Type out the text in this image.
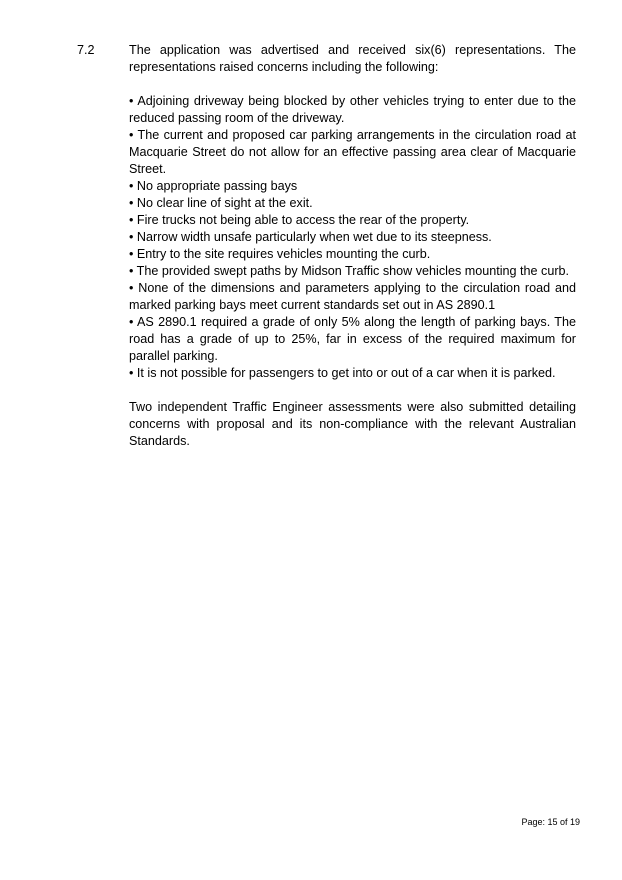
7.2	The application was advertised and received six(6) representations. The representations raised concerns including the following:

• Adjoining driveway being blocked by other vehicles trying to enter due to the reduced passing room of the driveway.
• The current and proposed car parking arrangements in the circulation road at Macquarie Street do not allow for an effective passing area clear of Macquarie Street.
• No appropriate passing bays
• No clear line of sight at the exit.
• Fire trucks not being able to access the rear of the property.
• Narrow width unsafe particularly when wet due to its steepness.
• Entry to the site requires vehicles mounting the curb.
• The provided swept paths by Midson Traffic show vehicles mounting the curb.
• None of the dimensions and parameters applying to the circulation road and marked parking bays meet current standards set out in AS 2890.1
• AS 2890.1 required a grade of only 5% along the length of parking bays. The road has a grade of up to 25%, far in excess of the required maximum for parallel parking.
• It is not possible for passengers to get into or out of a car when it is parked.

Two independent Traffic Engineer assessments were also submitted detailing concerns with proposal and its non-compliance with the relevant Australian Standards.

Page: 15 of 19
